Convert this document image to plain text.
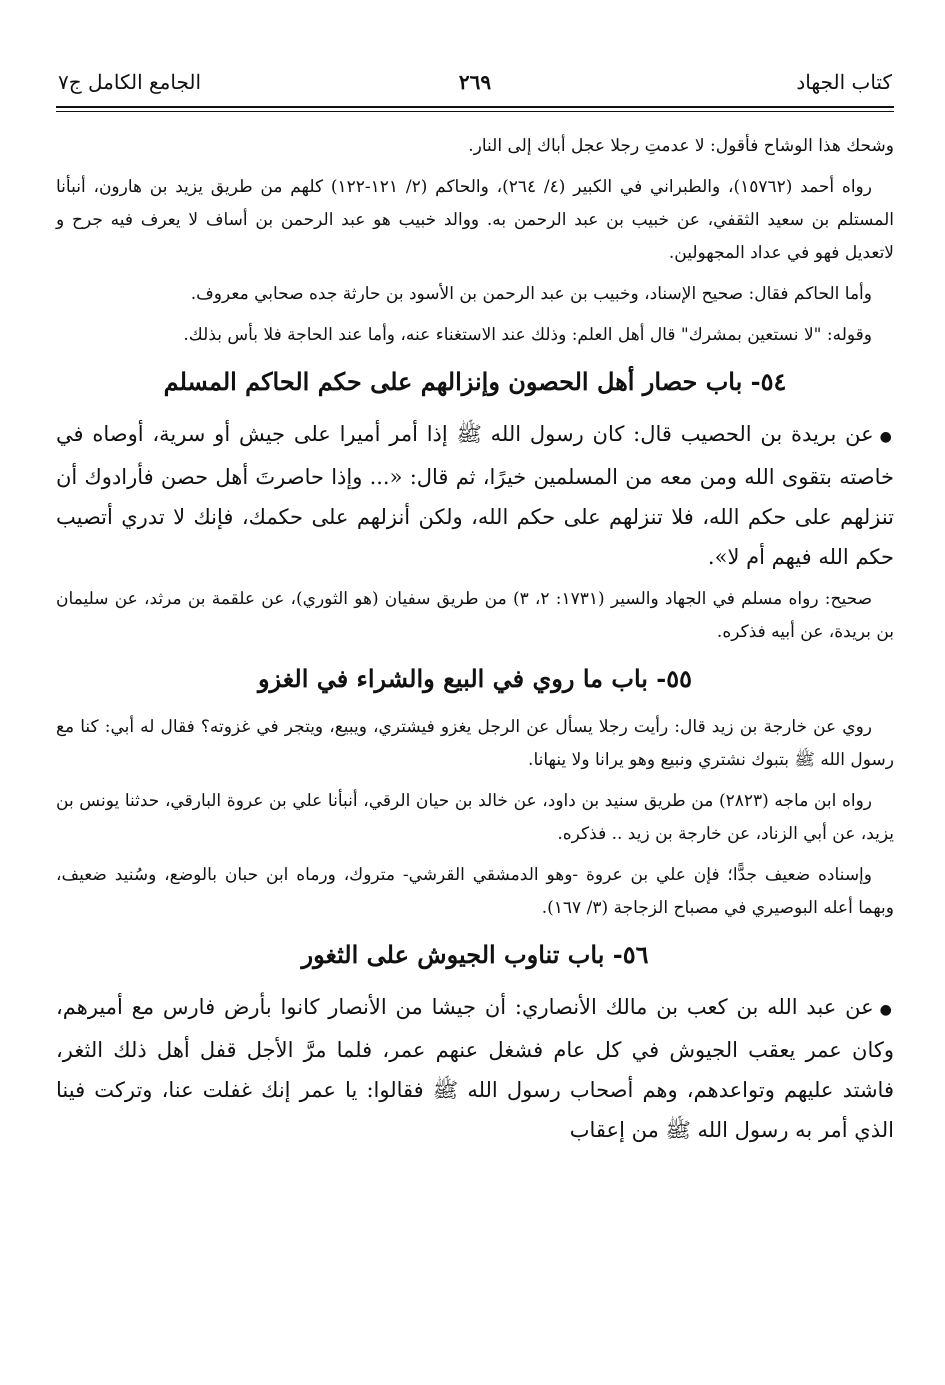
كتاب الجهاد
٢٦٩
الجامع الكامل ج٧

وشحك هذا الوشاح فأقول: لا عدمتِ رجلا عجل أباك إلى النار.

رواه أحمد (١٥٧٦٢)، والطبراني في الكبير (٤/ ٢٦٤)، والحاكم (٢/ ١٢١-١٢٢) كلهم من طريق يزيد بن هارون، أنبأنا المستلم بن سعيد الثقفي، عن خبيب بن عبد الرحمن به. ووالد خبيب هو عبد الرحمن بن أساف لا يعرف فيه جرح و لاتعديل فهو في عداد المجهولين.

وأما الحاكم فقال: صحيح الإسناد، وخبيب بن عبد الرحمن بن الأسود بن حارثة جده صحابي معروف.

وقوله: "لا نستعين بمشرك" قال أهل العلم: وذلك عند الاستغناء عنه، وأما عند الحاجة فلا بأس بذلك.

٥٤- باب حصار أهل الحصون وإنزالهم على حكم الحاكم المسلم

●عن بريدة بن الحصيب قال: كان رسول الله ﷺ إذا أمر أميرا على جيش أو سرية، أوصاه في خاصته بتقوى الله ومن معه من المسلمين خيرًا، ثم قال: «... وإذا حاصرتَ أهل حصن فأرادوك أن تنزلهم على حكم الله، فلا تنزلهم على حكم الله، ولكن أنزلهم على حكمك، فإنك لا تدري أتصيب حكم الله فيهم أم لا».

صحيح: رواه مسلم في الجهاد والسير (١٧٣١: ٢، ٣) من طريق سفيان (هو الثوري)، عن علقمة بن مرثد، عن سليمان بن بريدة، عن أبيه فذكره.

٥٥- باب ما روي في البيع والشراء في الغزو

روي عن خارجة بن زيد قال: رأيت رجلا يسأل عن الرجل يغزو فيشتري، ويبيع، ويتجر في غزوته؟ فقال له أبي: كنا مع رسول الله ﷺ بتبوك نشتري ونبيع وهو يرانا ولا ينهانا.

رواه ابن ماجه (٢٨٢٣) من طريق سنيد بن داود، عن خالد بن حيان الرقي، أنبأنا علي بن عروة البارقي، حدثنا يونس بن يزيد، عن أبي الزناد، عن خارجة بن زيد .. فذكره.

وإسناده ضعيف جدًّا؛ فإن علي بن عروة -وهو الدمشقي القرشي- متروك، ورماه ابن حبان بالوضع، وسُنيد ضعيف، وبهما أعله البوصيري في مصباح الزجاجة (٣/ ١٦٧).

٥٦- باب تناوب الجيوش على الثغور

●عن عبد الله بن كعب بن مالك الأنصاري: أن جيشا من الأنصار كانوا بأرض فارس مع أميرهم، وكان عمر يعقب الجيوش في كل عام فشغل عنهم عمر، فلما مرَّ الأجل قفل أهل ذلك الثغر، فاشتد عليهم وتواعدهم، وهم أصحاب رسول الله ﷺ فقالوا: يا عمر إنك غفلت عنا، وتركت فينا الذي أمر به رسول الله ﷺ من إعقاب
